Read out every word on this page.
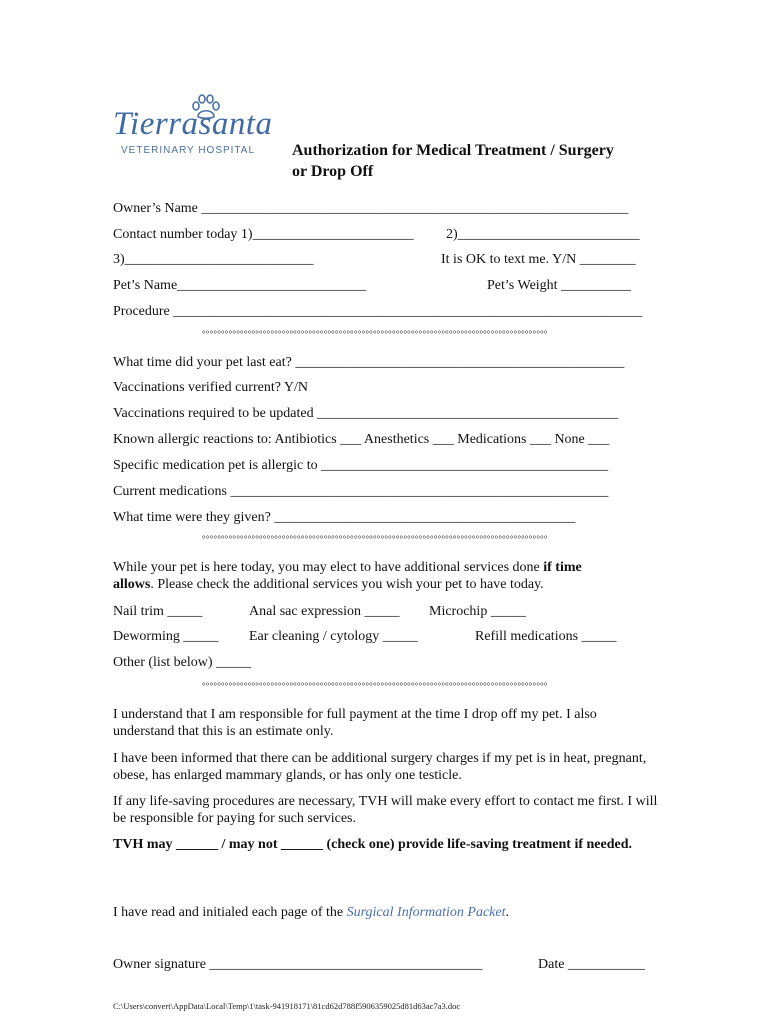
Tierrasanta
VETERINARY HOSPITAL Authorization for Medical Treatment / Surgery
or Drop Off
Owner’s Name _____________________________________________________________
Contact number today 1)_______________________ 2)__________________________
3)___________________________	It is OK to text me. Y/N ________
Pet’s Name___________________________	Pet’s Weight __________
Procedure ___________________________________________________________________
°°°°°°°°°°°°°°°°°°°°°°°°°°°°°°°°°°°°°°°°°°°°°°°°°°°°°°°°°°°°°°°°°°°°°°°°°°°°°°°°°°°°°°°°°°°
What time did your pet last eat? _______________________________________________
Vaccinations verified current? Y/N
Vaccinations required to be updated ___________________________________________
Known allergic reactions to: Antibiotics ___ Anesthetics ___ Medications ___ None ___
Specific medication pet is allergic to _________________________________________
Current medications ______________________________________________________
What time were they given? ___________________________________________
°°°°°°°°°°°°°°°°°°°°°°°°°°°°°°°°°°°°°°°°°°°°°°°°°°°°°°°°°°°°°°°°°°°°°°°°°°°°°°°°°°°°°°°°°°°
While your pet is here today, you may elect to have additional services done if time
allows. Please check the additional services you wish your pet to have today.
Nail trim _____	Anal sac expression _____ Microchip _____
Deworming _____ Ear cleaning / cytology _____	Refill medications _____
Other (list below) _____
°°°°°°°°°°°°°°°°°°°°°°°°°°°°°°°°°°°°°°°°°°°°°°°°°°°°°°°°°°°°°°°°°°°°°°°°°°°°°°°°°°°°°°°°°°°
I understand that I am responsible for full payment at the time I drop off my pet. I also understand that this is an estimate only.
I have been informed that there can be additional surgery charges if my pet is in heat, pregnant, obese, has enlarged mammary glands, or has only one testicle.
If any life-saving procedures are necessary, TVH will make every effort to contact me first. I will be responsible for paying for such services.
TVH may ______ / may not ______ (check one) provide life-saving treatment if needed.
I have read and initialed each page of the Surgical Information Packet.
Owner signature _______________________________________	Date ___________
C:\Users\convert\AppData\Local\Temp\1\task-941918171\81cd62d788f5906359025d81d63ac7a3.doc
